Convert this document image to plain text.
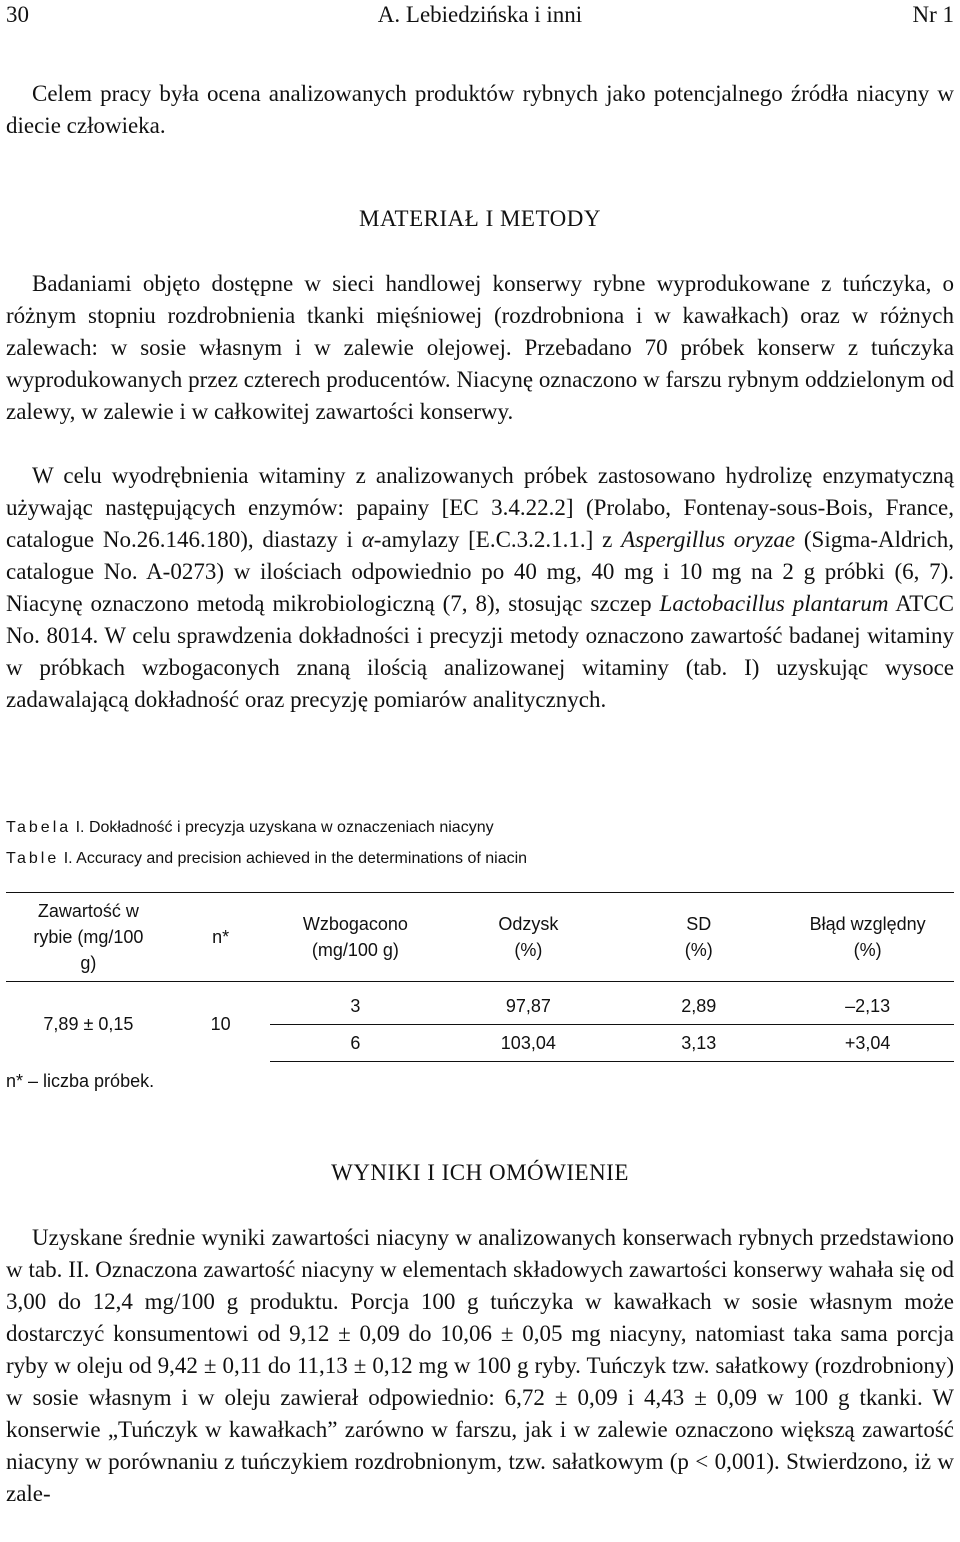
30	A. Lebiedzińska i inni	Nr 1

Celem pracy była ocena analizowanych produktów rybnych jako potencjalnego źródła niacyny w diecie człowieka.

MATERIAŁ I METODY

Badaniami objęto dostępne w sieci handlowej konserwy rybne wyprodukowane z tuńczyka, o różnym stopniu rozdrobnienia tkanki mięśniowej (rozdrobniona i w kawałkach) oraz w różnych zalewach: w sosie własnym i w zalewie olejowej. Przebadano 70 próbek konserw z tuńczyka wyprodukowanych przez czterech producentów. Niacynę oznaczono w farszu rybnym oddzielonym od zalewy, w zalewie i w całkowitej zawartości konserwy.

W celu wyodrębnienia witaminy z analizowanych próbek zastosowano hydrolizę enzymatyczną używając następujących enzymów: papainy [EC 3.4.22.2] (Prolabo, Fontenay-sous-Bois, France, catalogue No.26.146.180), diastazy i α-amylazy [E.C.3.2.1.1.] z Aspergillus oryzae (Sigma-Aldrich, catalogue No. A-0273) w ilościach odpowiednio po 40 mg, 40 mg i 10 mg na 2 g próbki (6, 7). Niacynę oznaczono metodą mikrobiologiczną (7, 8), stosując szczep Lactobacillus plantarum ATCC No. 8014. W celu sprawdzenia dokładności i precyzji metody oznaczono zawartość badanej witaminy w próbkach wzbogaconych znaną ilością analizowanej witaminy (tab. I) uzyskując wysoce zadawalającą dokładność oraz precyzję pomiarów analitycznych.

Tabela I. Dokładność i precyzja uzyskana w oznaczeniach niacyny
Table I. Accuracy and precision achieved in the determinations of niacin
Zawartość w rybie (mg/100 g)	n*	Wzbogacono (mg/100 g)	Odzysk (%)	SD (%)	Błąd względny (%)

7,89 ± 0,15	10	3	97,87	2,89	–2,13
		6	103,04	3,13	+3,04
n* – liczba próbek.
WYNIKI I ICH OMÓWIENIE

Uzyskane średnie wyniki zawartości niacyny w analizowanych konserwach rybnych przedstawiono w tab. II. Oznaczona zawartość niacyny w elementach składowych zawartości konserwy wahała się od 3,00 do 12,4 mg/100 g produktu. Porcja 100 g tuńczyka w kawałkach w sosie własnym może dostarczyć konsumentowi od 9,12 ± 0,09 do 10,06 ± 0,05 mg niacyny, natomiast taka sama porcja ryby w oleju od 9,42 ± 0,11 do 11,13 ± 0,12 mg w 100 g ryby. Tuńczyk tzw. sałatkowy (rozdrobniony) w sosie własnym i w oleju zawierał odpowiednio: 6,72 ± 0,09 i 4,43 ± 0,09 w 100 g tkanki. W konserwie „Tuńczyk w kawałkach” zarówno w farszu, jak i w zalewie oznaczono większą zawartość niacyny w porównaniu z tuńczykiem rozdrobnionym, tzw. sałatkowym (p < 0,001). Stwierdzono, iż w zale-
